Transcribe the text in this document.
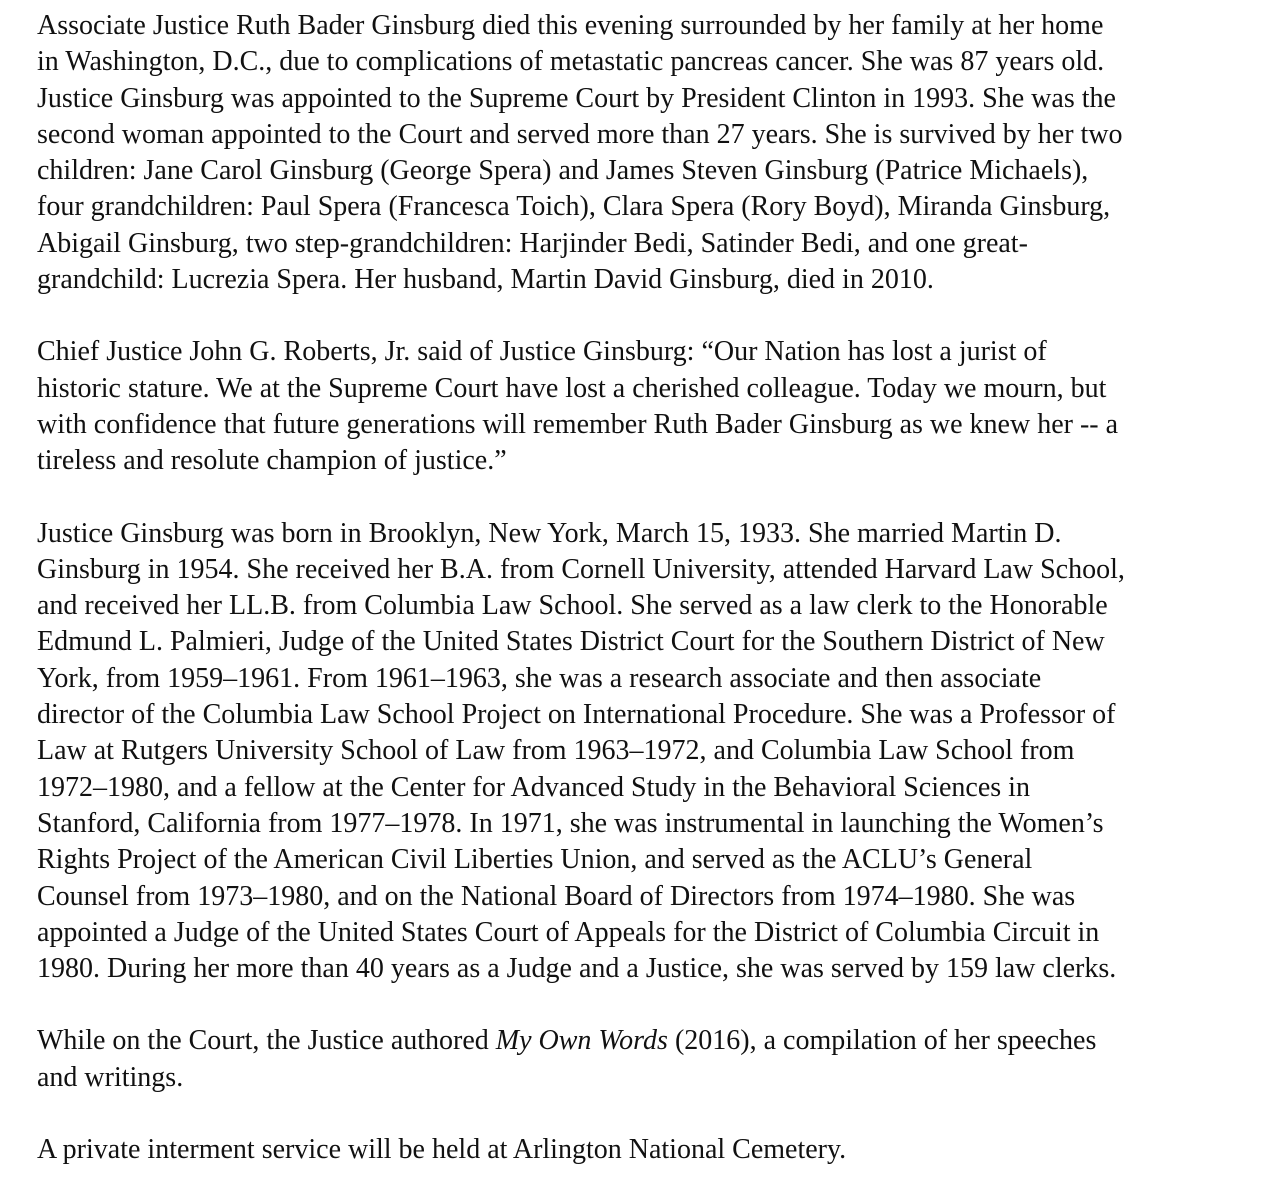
Associate Justice Ruth Bader Ginsburg died this evening surrounded by her family at her home
in Washington, D.C., due to complications of metastatic pancreas cancer. She was 87 years old.
Justice Ginsburg was appointed to the Supreme Court by President Clinton in 1993. She was the
second woman appointed to the Court and served more than 27 years. She is survived by her two
children: Jane Carol Ginsburg (George Spera) and James Steven Ginsburg (Patrice Michaels),
four grandchildren: Paul Spera (Francesca Toich), Clara Spera (Rory Boyd), Miranda Ginsburg,
Abigail Ginsburg, two step-grandchildren: Harjinder Bedi, Satinder Bedi, and one great-
grandchild: Lucrezia Spera. Her husband, Martin David Ginsburg, died in 2010.

Chief Justice John G. Roberts, Jr. said of Justice Ginsburg: “Our Nation has lost a jurist of
historic stature. We at the Supreme Court have lost a cherished colleague. Today we mourn, but
with confidence that future generations will remember Ruth Bader Ginsburg as we knew her -- a
tireless and resolute champion of justice.”

Justice Ginsburg was born in Brooklyn, New York, March 15, 1933. She married Martin D.
Ginsburg in 1954. She received her B.A. from Cornell University, attended Harvard Law School,
and received her LL.B. from Columbia Law School. She served as a law clerk to the Honorable
Edmund L. Palmieri, Judge of the United States District Court for the Southern District of New
York, from 1959–1961. From 1961–1963, she was a research associate and then associate
director of the Columbia Law School Project on International Procedure. She was a Professor of
Law at Rutgers University School of Law from 1963–1972, and Columbia Law School from
1972–1980, and a fellow at the Center for Advanced Study in the Behavioral Sciences in
Stanford, California from 1977–1978. In 1971, she was instrumental in launching the Women’s
Rights Project of the American Civil Liberties Union, and served as the ACLU’s General
Counsel from 1973–1980, and on the National Board of Directors from 1974–1980. She was
appointed a Judge of the United States Court of Appeals for the District of Columbia Circuit in
1980. During her more than 40 years as a Judge and a Justice, she was served by 159 law clerks.

While on the Court, the Justice authored My Own Words (2016), a compilation of her speeches
and writings.

A private interment service will be held at Arlington National Cemetery.
